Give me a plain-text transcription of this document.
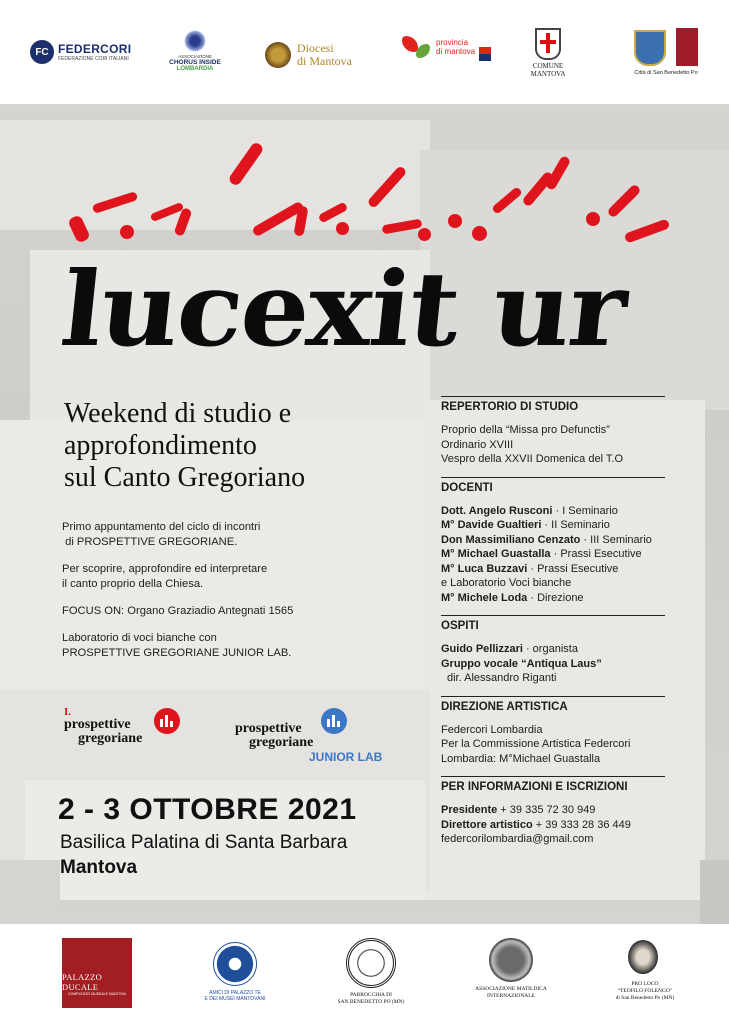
FC FEDERCORI
FEDERAZIONE CORI ITALIANI	ASSOCIAZIONE
CHORUS INSIDE
LOMBARDIA
Diocesi
di Mantova
provincia
di mantova
COMUNE
MANTOVA	Città di San Benedetto Po
lucexit ur
Weekend di studio e
approfondimento
sul Canto Gregoriano

Primo appuntamento del ciclo di incontri
di PROSPETTIVE GREGORIANE.

Per scoprire, approfondire ed interpretare
il canto proprio della Chiesa.

FOCUS ON: Organo Graziadio Antegnati 1565

Laboratorio di voci bianche con
PROSPETTIVE GREGORIANE JUNIOR LAB.

I.
prospettive
gregoriane
prospettive
gregoriane
JUNIOR LAB
2 - 3 OTTOBRE 2021
Basilica Palatina di Santa Barbara
Mantova
REPERTORIO DI STUDIO
Proprio della “Missa pro Defunctis”
Ordinario XVIII
Vespro della XXVII Domenica del T.O
DOCENTI
Dott. Angelo Rusconi · I Seminario
M° Davide Gualtieri · II Seminario
Don Massimiliano Cenzato · III Seminario
M° Michael Guastalla · Prassi Esecutive
M° Luca Buzzavi · Prassi Esecutive
e Laboratorio Voci bianche
M° Michele Loda · Direzione
OSPITI
Guido Pellizzari · organista
Gruppo vocale “Antiqua Laus”
dir. Alessandro Riganti
DIREZIONE ARTISTICA
Federcori Lombardia
Per la Commissione Artistica Federcori
Lombardia: M°Michael Guastalla
PER INFORMAZIONI E ISCRIZIONI
Presidente + 39 335 72 30 949
Direttore artistico + 39 333 28 36 449
federcorilombardia@gmail.com
PALAZZO DUCALE
COMPLESSO MUSEALE MANTOVA	AMICI DI PALAZZO TE
E DEI MUSEI MANTOVANI
PARROCCHIA DI
SAN BENEDETTO PO (MN)
ASSOCIAZIONE MATILDICA
INTERNAZIONALE
PRO LOCO
“TEOFILO FOLENGO”
di San Benedetto Po (MN)
